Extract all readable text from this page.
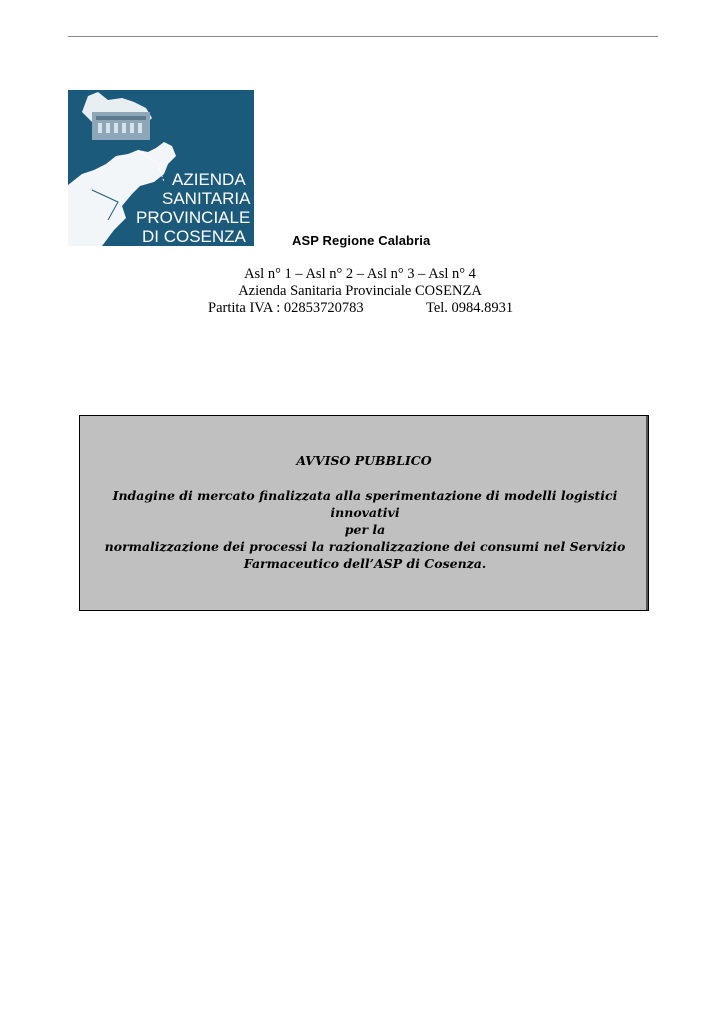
AZIENDA
SANITARIA
PROVINCIALE
DI COSENZA	ASP Regione Calabria
Asl n° 1 – Asl n° 2 – Asl n° 3 – Asl n° 4
Azienda Sanitaria Provinciale COSENZA
Partita IVA : 02853720783	Tel. 0984.8931
AVVISO PUBBLICO
Indagine di mercato finalizzata alla sperimentazione di modelli logistici innovativi
per la
normalizzazione dei processi la razionalizzazione dei consumi nel Servizio
Farmaceutico dell’ASP di Cosenza.
